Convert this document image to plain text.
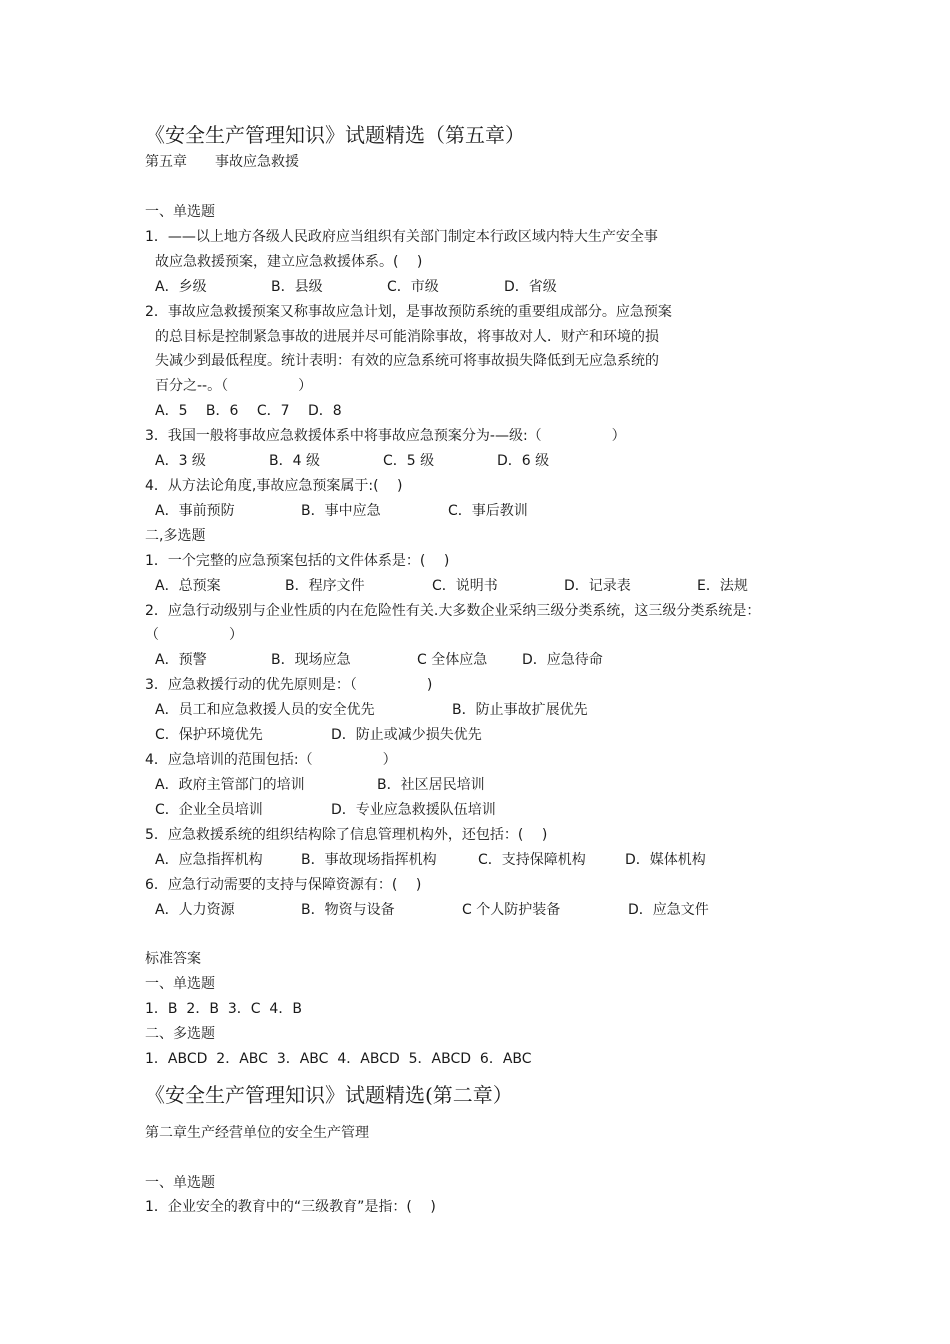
《安全生产管理知识》试题精选（第五章）
第五章　　事故应急救援
一、单选题
1．——以上地方各级人民政府应当组织有关部门制定本行政区域内特大生产安全事
故应急救援预案，建立应急救援体系。(　 )
A．乡级	B．县级	C．市级	D．省级
2．事故应急救援预案又称事故应急计划，是事故预防系统的重要组成部分。应急预案
的总目标是控制紧急事故的进展并尽可能消除事故，将事故对人．财产和环境的损
失减少到最低程度。统计表明：有效的应急系统可将事故损失降低到无应急系统的
百分之--。（　　　　　）
A．5　 B．6　 C．7　 D．8
3．我国一般将事故应急救援体系中将事故应急预案分为-—级:（　　　　　）
A．3 级	B．4 级	C．5 级	D．6 级
4．从方法论角度,事故应急预案属于:(　 )
A．事前预防	B．事中应急	C．事后教训
二,多选题
1．一个完整的应急预案包括的文件体系是：(　 )
A．总预案	B．程序文件	C．说明书	D．记录表	E．法规
2．应急行动级别与企业性质的内在危险性有关.大多数企业采纳三级分类系统，这三级分类系统是：
（　　　　　）
A．预警	B．现场应急	C 全体应急 D．应急待命
3．应急救援行动的优先原则是：（　　　　　)
A．员工和应急救援人员的安全优先	B．防止事故扩展优先
C．保护环境优先	D．防止或减少损失优先
4．应急培训的范围包括:（　　　　　）
A．政府主管部门的培训	B．社区居民培训
C．企业全员培训	D．专业应急救援队伍培训
5．应急救援系统的组织结构除了信息管理机构外，还包括：(　 )
A．应急指挥机构	B．事故现场指挥机构	C．支持保障机构	D．媒体机构
6．应急行动需要的支持与保障资源有：(　 )
A．人力资源	B．物资与设备	C 个人防护装备	D．应急文件
标准答案
一、单选题
1．B  2．B  3．C  4．B
二、多选题
1．ABCD  2．ABC  3．ABC  4．ABCD  5．ABCD  6．ABC
《安全生产管理知识》试题精选(第二章）
第二章生产经营单位的安全生产管理
一、单选题
1．企业安全的教育中的“三级教育”是指：(　 )
